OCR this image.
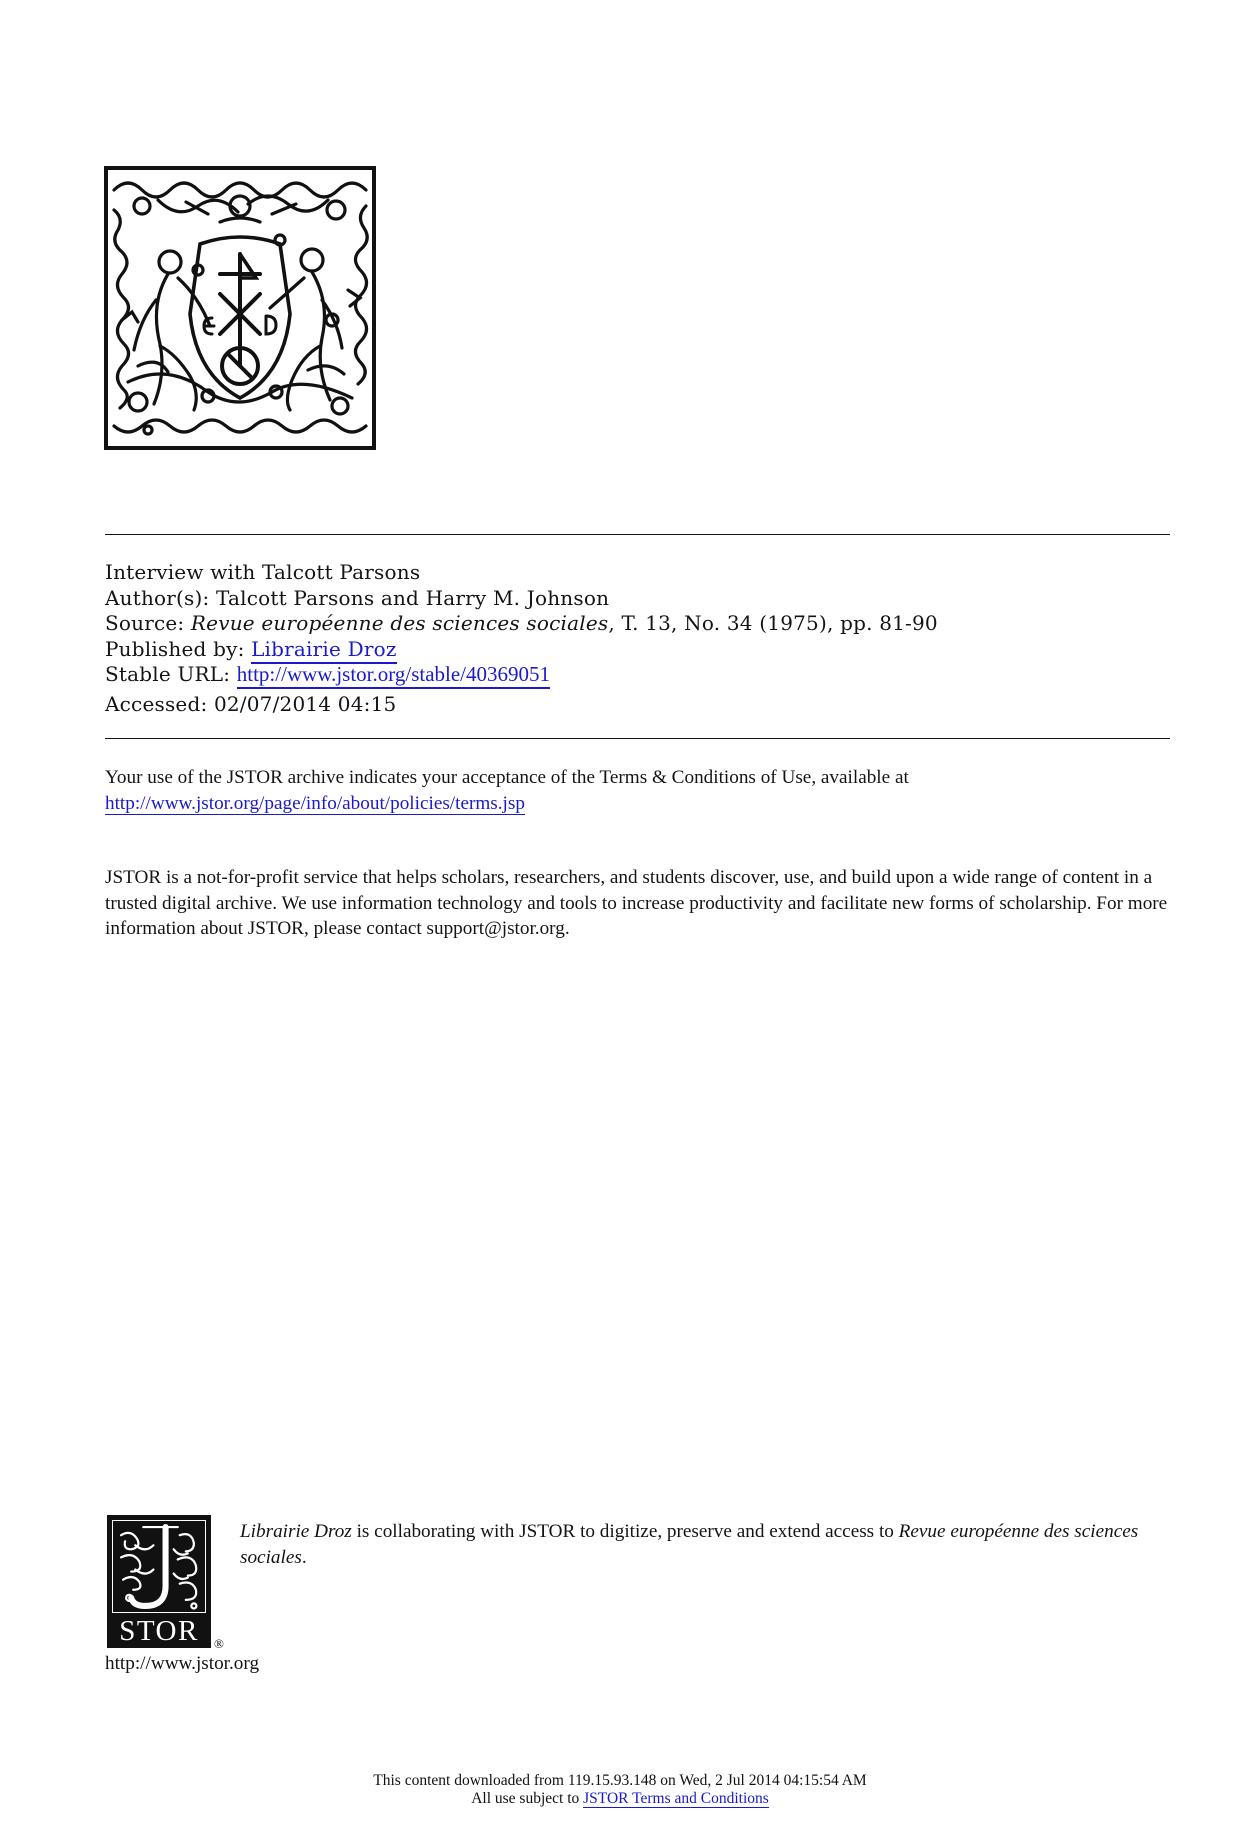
Interview with Talcott Parsons
Author(s): Talcott Parsons and Harry M. Johnson
Source: Revue européenne des sciences sociales, T. 13, No. 34 (1975), pp. 81-90
Published by: Librairie Droz
Stable URL: http://www.jstor.org/stable/40369051
Accessed: 02/07/2014 04:15
Your use of the JSTOR archive indicates your acceptance of the Terms & Conditions of Use, available at
http://www.jstor.org/page/info/about/policies/terms.jsp
JSTOR is a not-for-profit service that helps scholars, researchers, and students discover, use, and build upon a wide range of content in a trusted digital archive. We use information technology and tools to increase productivity and facilitate new forms of scholarship. For more information about JSTOR, please contact support@jstor.org.
STOR	®
http://www.jstor.org
Librairie Droz is collaborating with JSTOR to digitize, preserve and extend access to Revue européenne des sciences sociales.
This content downloaded from 119.15.93.148 on Wed, 2 Jul 2014 04:15:54 AM
All use subject to JSTOR Terms and Conditions
